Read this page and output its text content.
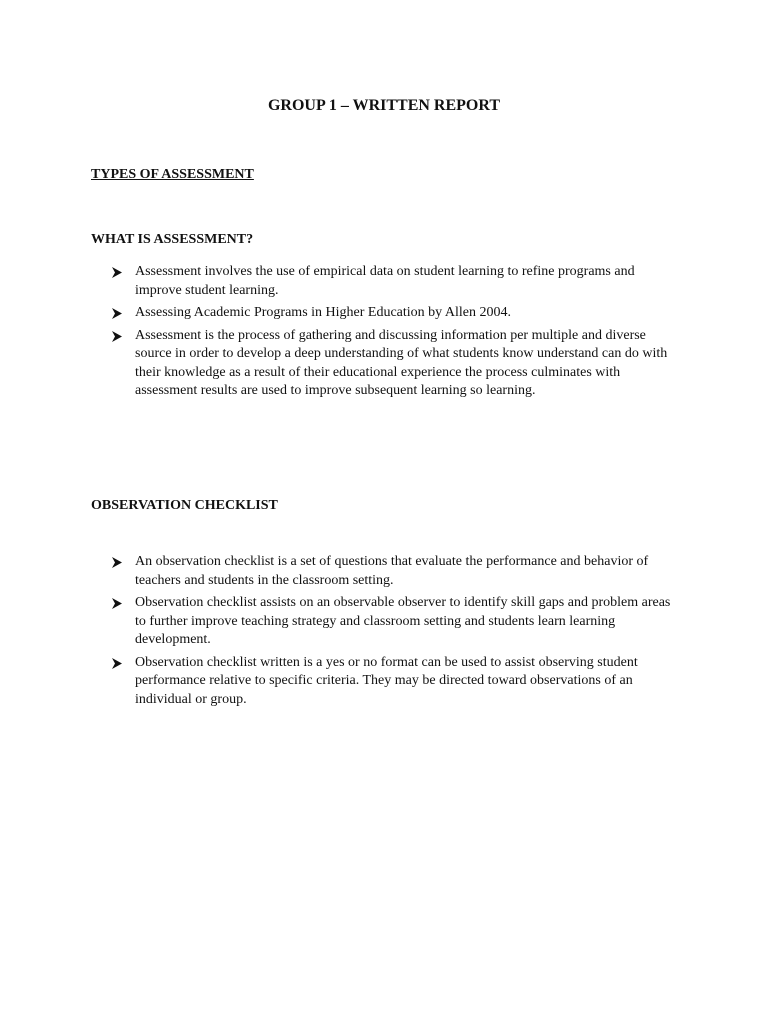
GROUP 1 – WRITTEN REPORT
TYPES OF ASSESSMENT
WHAT IS ASSESSMENT?
Assessment involves the use of empirical data on student learning to refine programs and improve student learning.
Assessing Academic Programs in Higher Education by Allen 2004.
Assessment is the process of gathering and discussing information per multiple and diverse source in order to develop a deep understanding of what students know understand can do with their knowledge as a result of their educational experience the process culminates with assessment results are used to improve subsequent learning so learning.
OBSERVATION CHECKLIST
An observation checklist is a set of questions that evaluate the performance and behavior of teachers and students in the classroom setting.
Observation checklist assists on an observable observer to identify skill gaps and problem areas to further improve teaching strategy and classroom setting and students learn learning development.
Observation checklist written is a yes or no format can be used to assist observing student performance relative to specific criteria. They may be directed toward observations of an individual or group.
